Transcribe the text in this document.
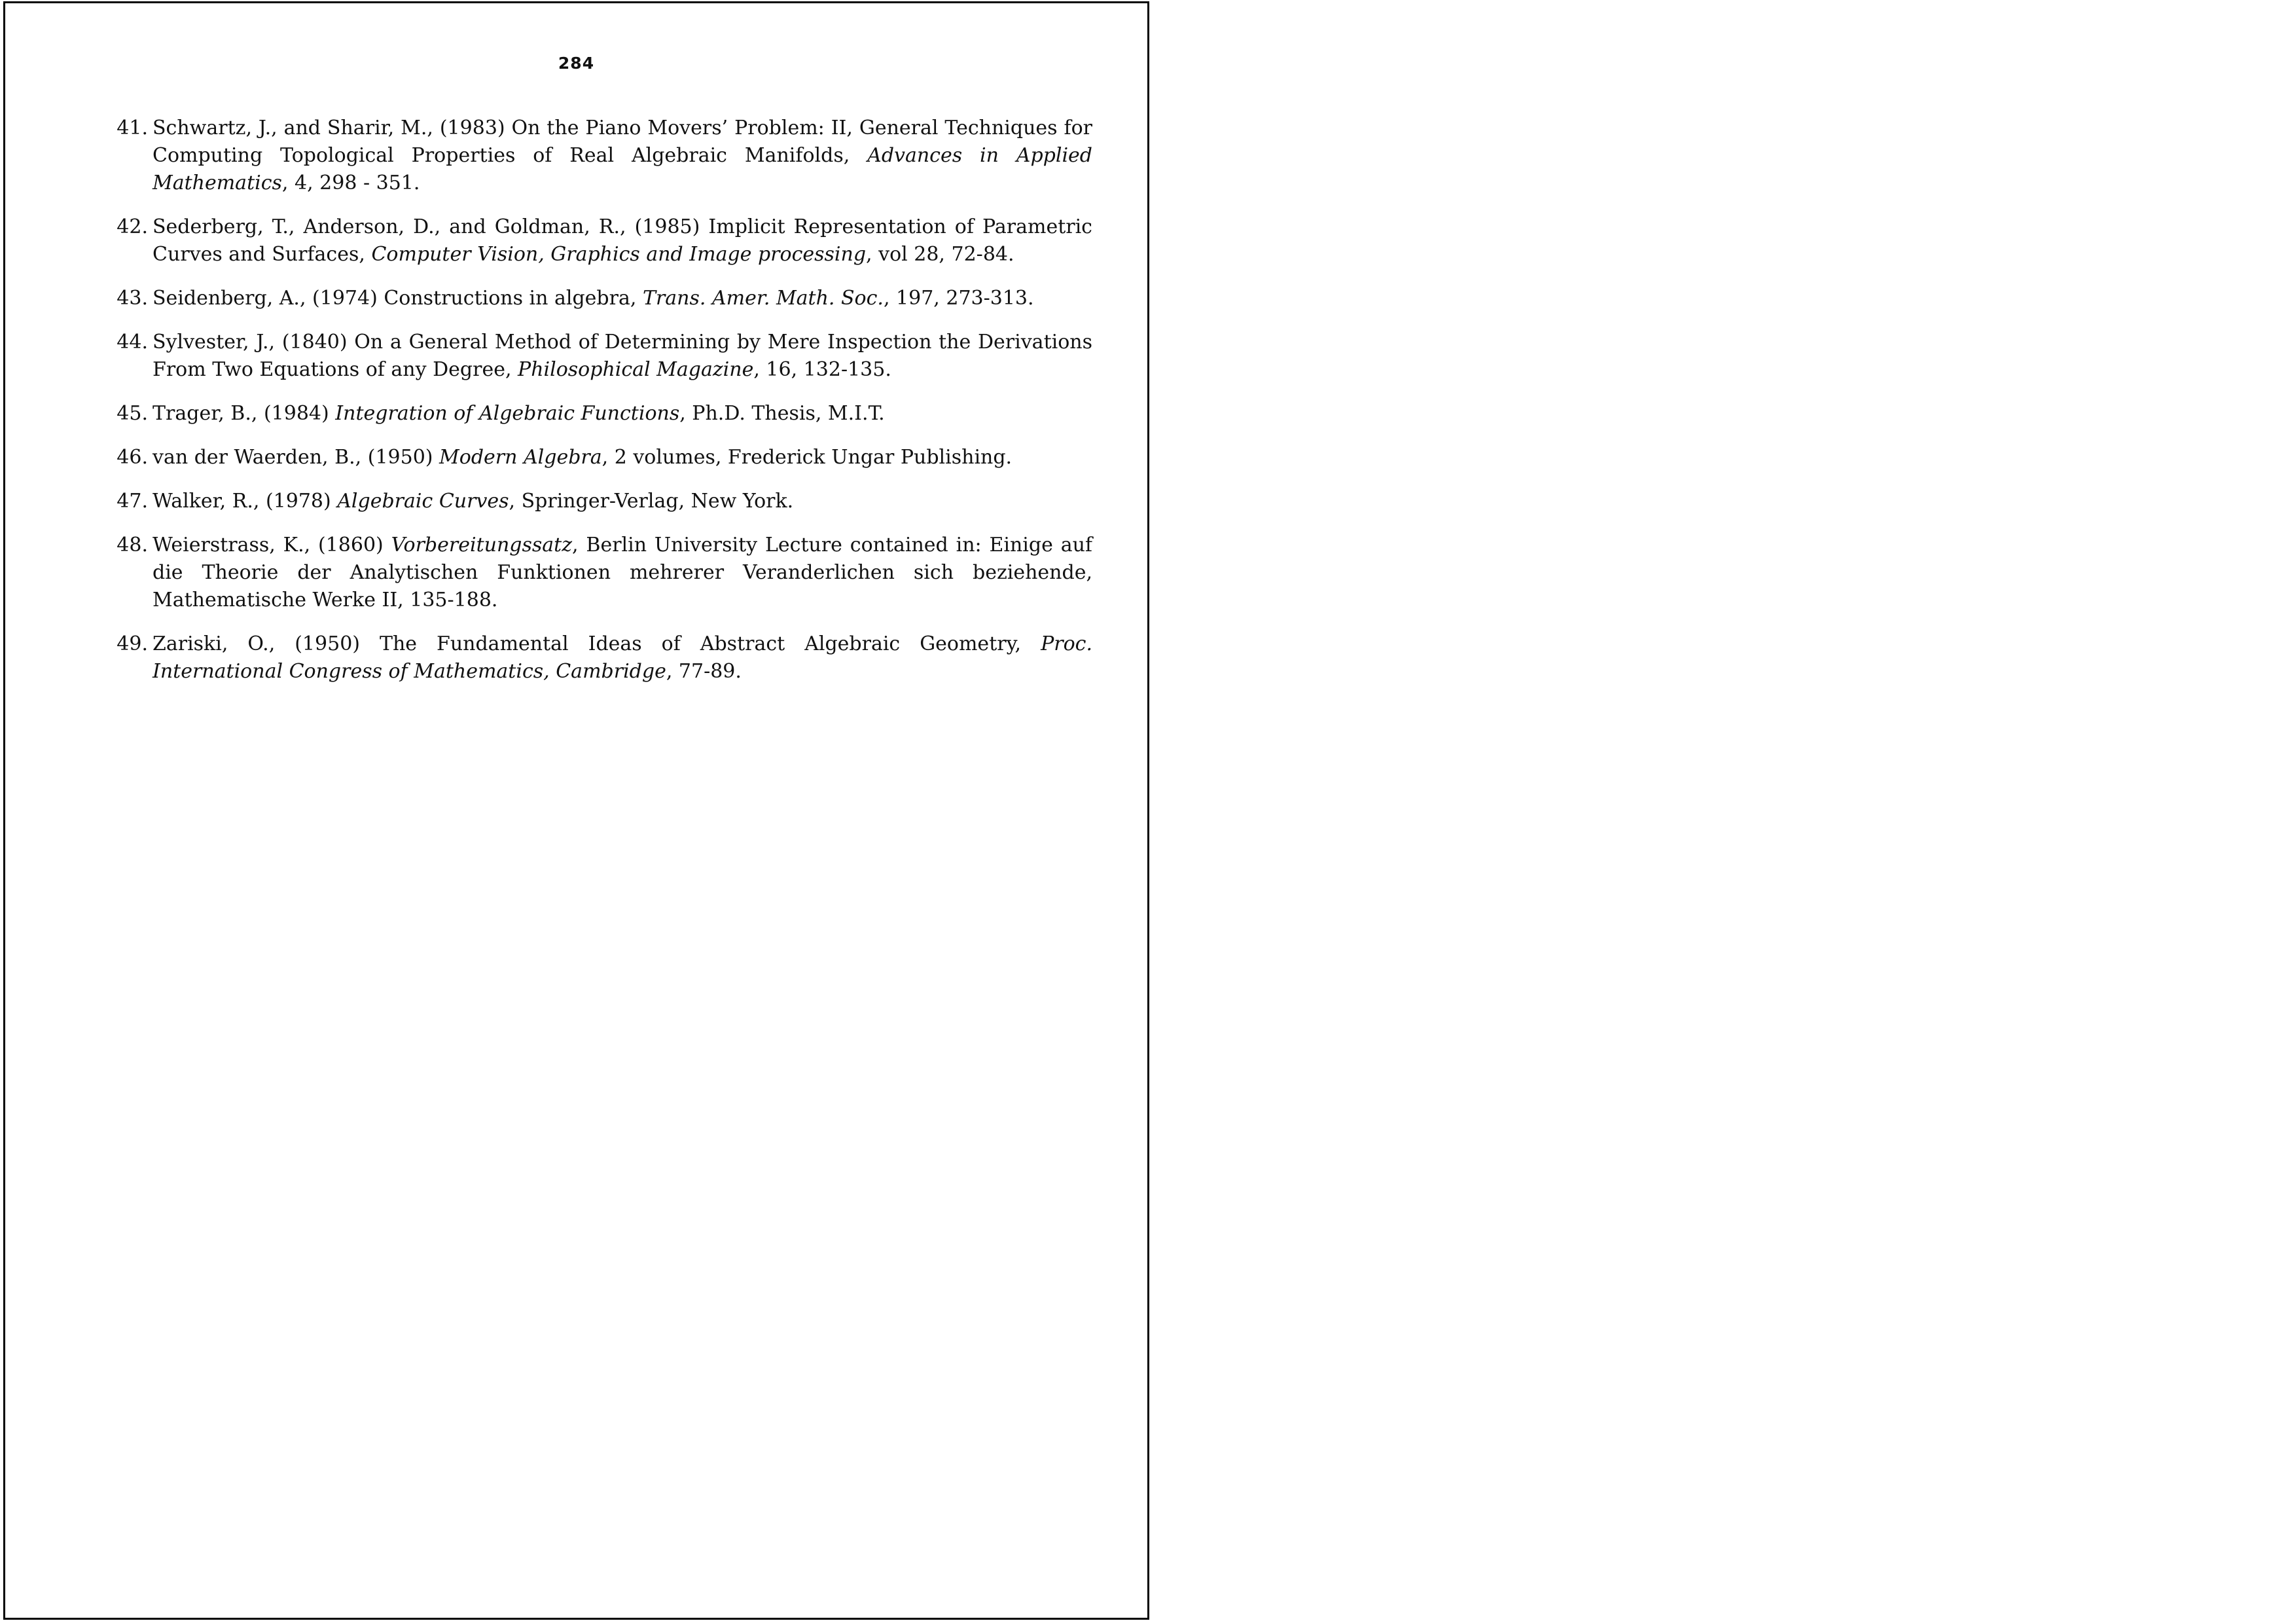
284
41. Schwartz, J., and Sharir, M., (1983) On the Piano Movers’ Problem: II, General Techniques for Computing Topological Properties of Real Algebraic Manifolds, Advances in Applied Mathematics, 4, 298 - 351.
42. Sederberg, T., Anderson, D., and Goldman, R., (1985) Implicit Representation of Parametric Curves and Surfaces, Computer Vision, Graphics and Image processing, vol 28, 72-84.
43. Seidenberg, A., (1974) Constructions in algebra, Trans. Amer. Math. Soc., 197, 273-313.
44. Sylvester, J., (1840) On a General Method of Determining by Mere Inspection the Derivations From Two Equations of any Degree, Philosophical Magazine, 16, 132-135.
45. Trager, B., (1984) Integration of Algebraic Functions, Ph.D. Thesis, M.I.T.
46. van der Waerden, B., (1950) Modern Algebra, 2 volumes, Frederick Ungar Publishing.
47. Walker, R., (1978) Algebraic Curves, Springer-Verlag, New York.
48. Weierstrass, K., (1860) Vorbereitungssatz, Berlin University Lecture contained in: Einige auf die Theorie der Analytischen Funktionen mehrerer Veranderlichen sich beziehende, Mathematische Werke II, 135-188.
49. Zariski, O., (1950) The Fundamental Ideas of Abstract Algebraic Geometry, Proc. International Congress of Mathematics, Cambridge, 77-89.
